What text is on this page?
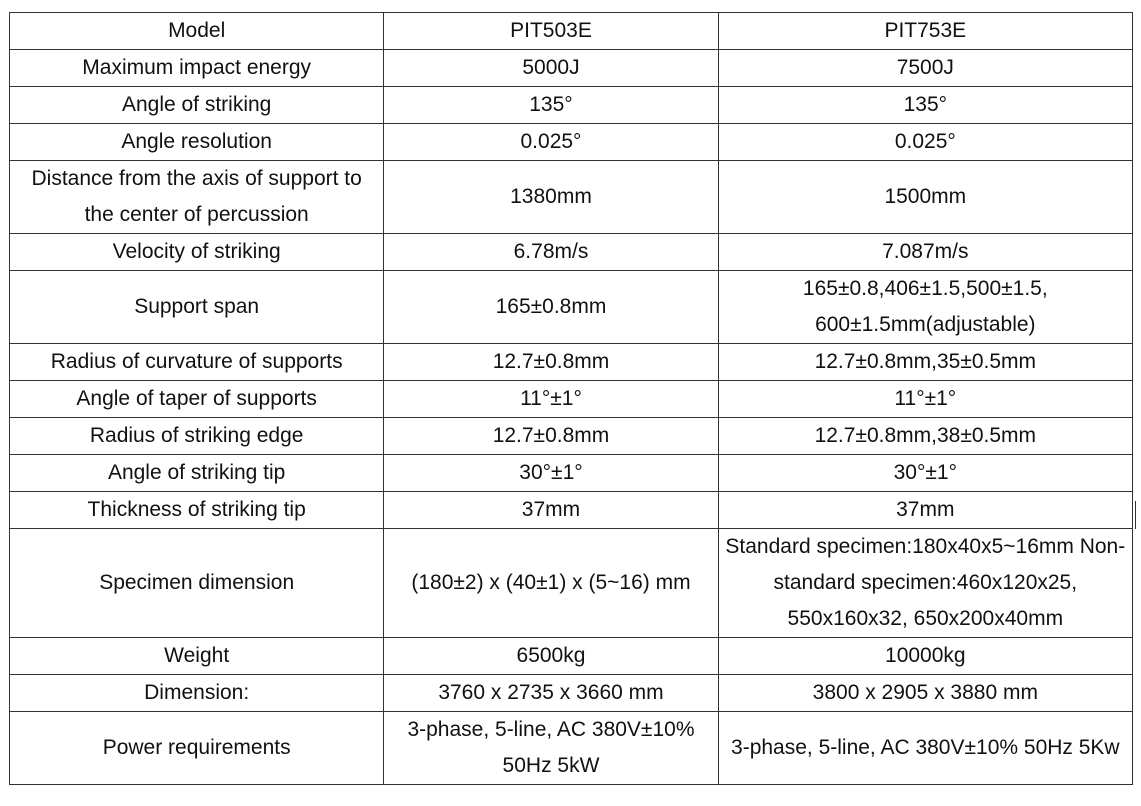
Model	PIT503E	PIT753E
Maximum impact energy	5000J	7500J
Angle of striking	135°	135°
Angle resolution	0.025°	0.025°
Distance from the axis of support to the center of percussion	1380mm	1500mm
Velocity of striking	6.78m/s	7.087m/s
Support span	165±0.8mm	165±0.8,406±1.5,500±1.5, 600±1.5mm(adjustable)
Radius of curvature of supports	12.7±0.8mm	12.7±0.8mm,35±0.5mm
Angle of taper of supports	11°±1°	11°±1°
Radius of striking edge	12.7±0.8mm	12.7±0.8mm,38±0.5mm
Angle of striking tip	30°±1°	30°±1°
Thickness of striking tip	37mm	37mm
Specimen dimension	(180±2) x (40±1) x (5~16) mm	Standard specimen:180x40x5~16mm Non-standard specimen:460x120x25, 550x160x32, 650x200x40mm
Weight	6500kg	10000kg
Dimension:	3760 x 2735 x 3660 mm	3800 x 2905 x 3880 mm
Power requirements	3-phase, 5-line, AC 380V±10% 50Hz 5kW	3-phase, 5-line, AC 380V±10% 50Hz 5Kw
